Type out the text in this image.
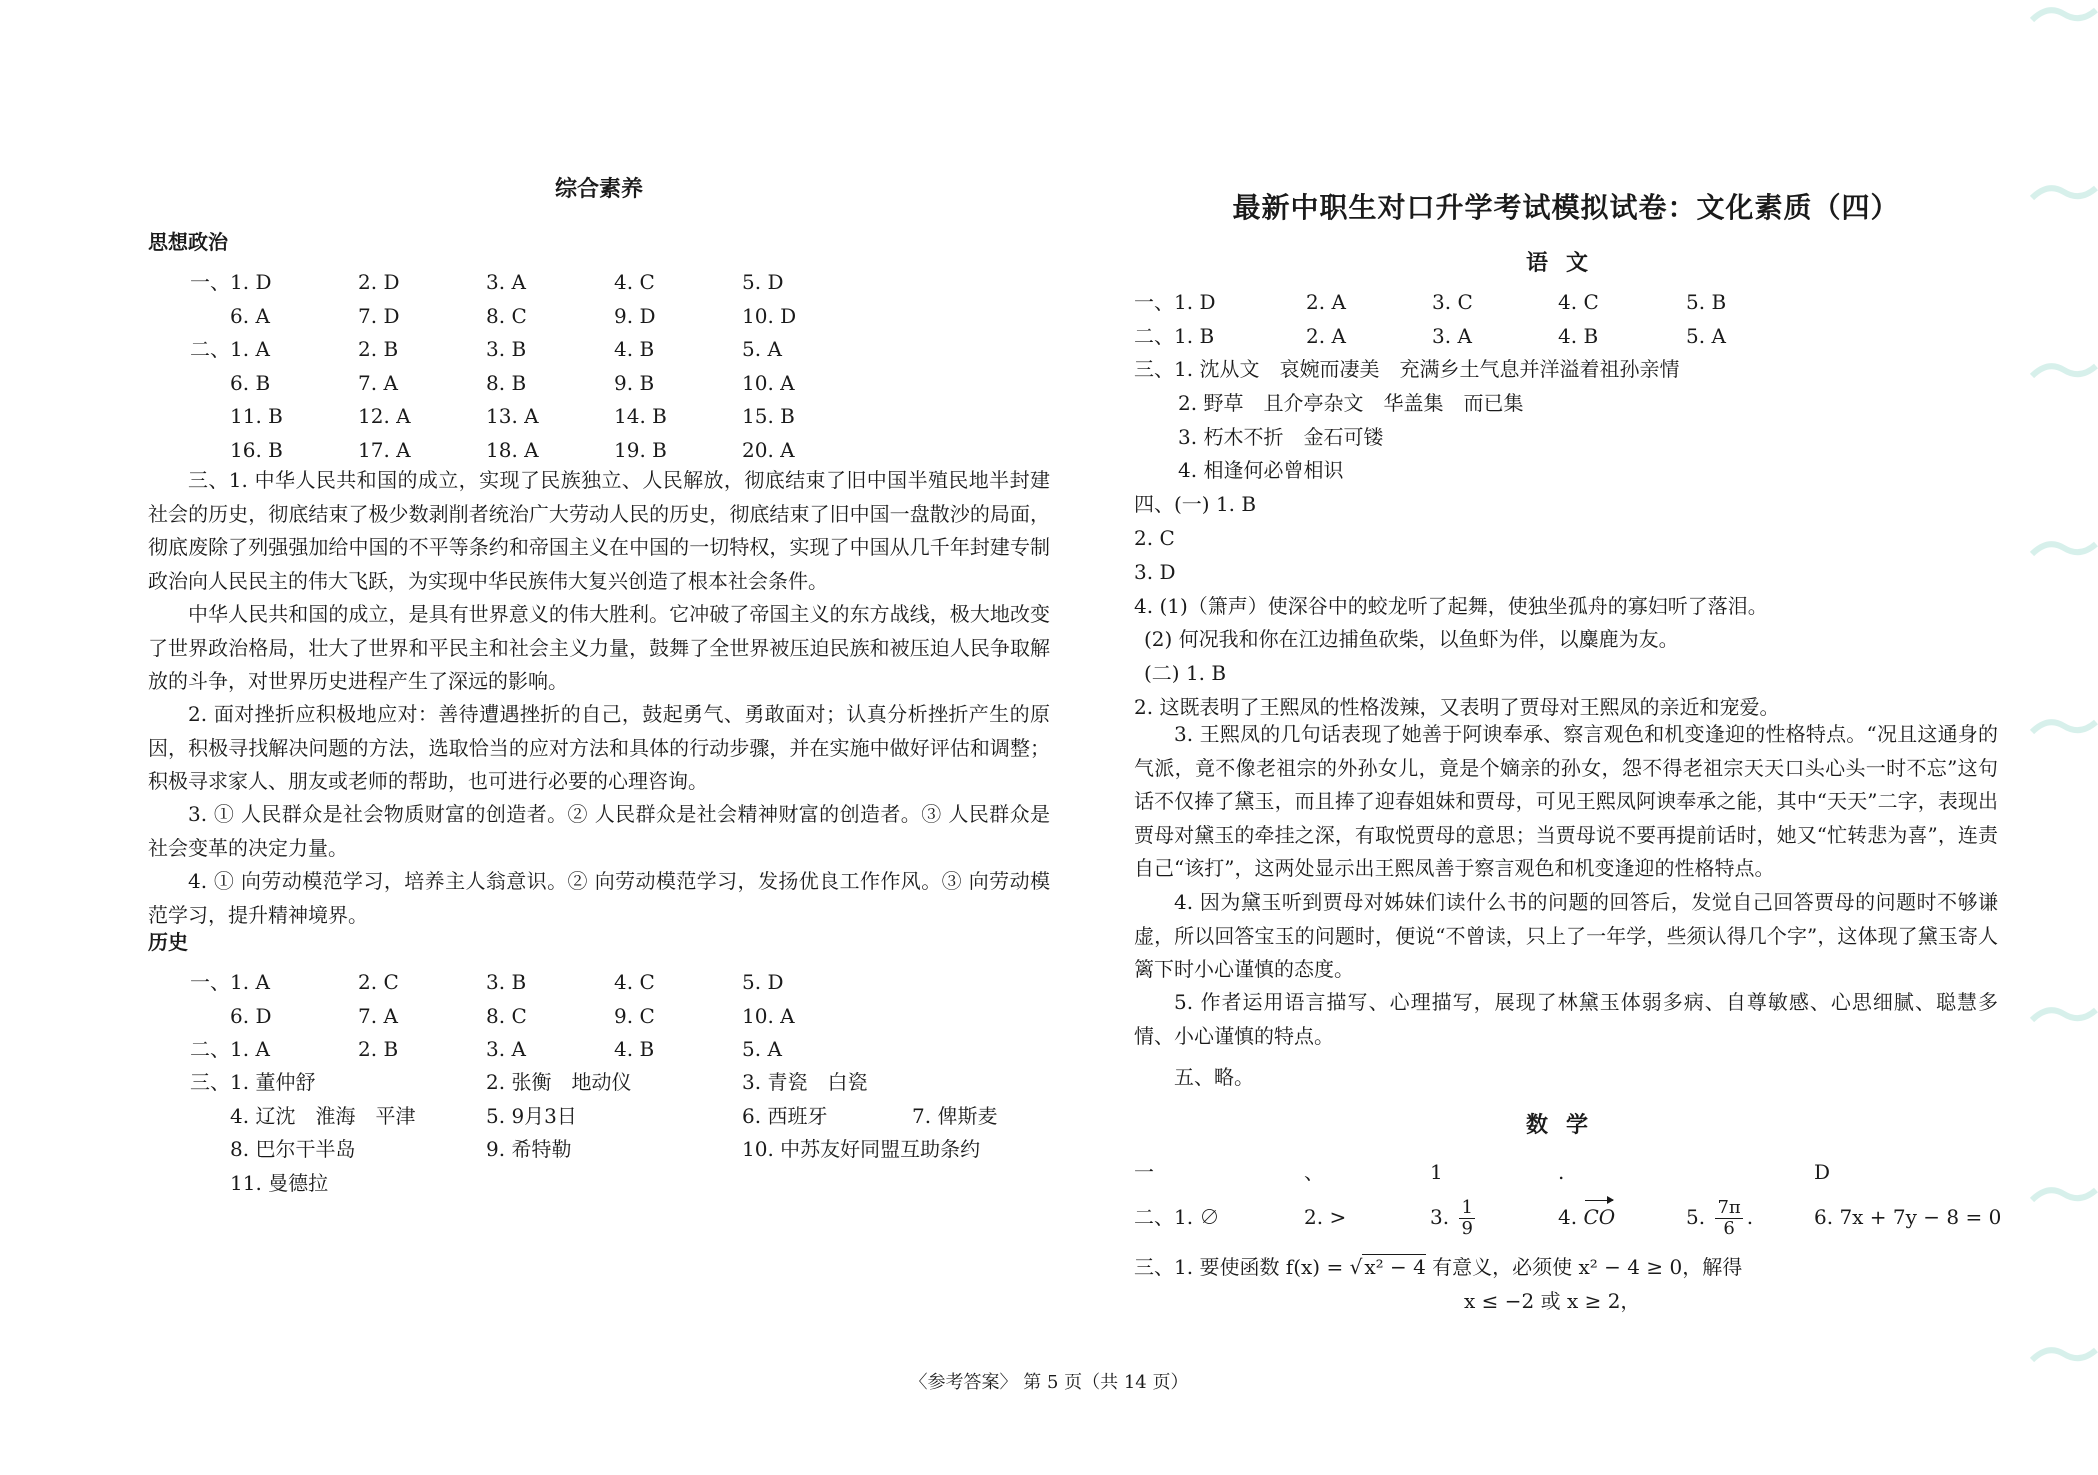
综合素养
思想政治
一、1. D	2. D	3. A	4. C	5. D
6. A	7. D	8. C	9. D	10. D
二、1. A	2. B	3. B	4. B	5. A
6. B	7. A	8. B	9. B	10. A
11. B	12. A	13. A	14. B	15. B
16. B	17. A	18. A	19. B	20. A

三、1. 中华人民共和国的成立，实现了民族独立、人民解放，彻底结束了旧中国半殖民地半封建社会的历史，彻底结束了极少数剥削者统治广大劳动人民的历史，彻底结束了旧中国一盘散沙的局面，彻底废除了列强强加给中国的不平等条约和帝国主义在中国的一切特权，实现了中国从几千年封建专制政治向人民民主的伟大飞跃，为实现中华民族伟大复兴创造了根本社会条件。

中华人民共和国的成立，是具有世界意义的伟大胜利。它冲破了帝国主义的东方战线，极大地改变了世界政治格局，壮大了世界和平民主和社会主义力量，鼓舞了全世界被压迫民族和被压迫人民争取解放的斗争，对世界历史进程产生了深远的影响。

2. 面对挫折应积极地应对：善待遭遇挫折的自己，鼓起勇气、勇敢面对；认真分析挫折产生的原因，积极寻找解决问题的方法，选取恰当的应对方法和具体的行动步骤，并在实施中做好评估和调整；积极寻求家人、朋友或老师的帮助，也可进行必要的心理咨询。

3. ① 人民群众是社会物质财富的创造者。② 人民群众是社会精神财富的创造者。③ 人民群众是社会变革的决定力量。

4. ① 向劳动模范学习，培养主人翁意识。② 向劳动模范学习，发扬优良工作作风。③ 向劳动模范学习，提升精神境界。

历史
一、1. A	2. C	3. B	4. C	5. D
6. D	7. A	8. C	9. C	10. A
二、1. A	2. B	3. A	4. B	5. A
三、1. 董仲舒	2. 张衡　地动仪	3. 青瓷　白瓷
4. 辽沈　淮海　平津	5. 9月3日	6. 西班牙	7. 俾斯麦
8. 巴尔干半岛	9. 希特勒	10. 中苏友好同盟互助条约
11. 曼德拉
最新中职生对口升学考试模拟试卷：文化素质（四）
语文
一、1. D	2. A	3. C	4. C	5. B
二、1. B	2. A	3. A	4. B	5. A
三、1. 沈从文　哀婉而凄美　充满乡土气息并洋溢着祖孙亲情
2. 野草　且介亭杂文　华盖集　而已集
3. 朽木不折　金石可镂
4. 相逢何必曾相识
四、(一) 1. B
2. C
3. D
4. (1)（箫声）使深谷中的蛟龙听了起舞，使独坐孤舟的寡妇听了落泪。
(2) 何况我和你在江边捕鱼砍柴，以鱼虾为伴，以麋鹿为友。
(二) 1. B
2. 这既表明了王熙凤的性格泼辣，又表明了贾母对王熙凤的亲近和宠爱。

3. 王熙凤的几句话表现了她善于阿谀奉承、察言观色和机变逢迎的性格特点。“况且这通身的气派，竟不像老祖宗的外孙女儿，竟是个嫡亲的孙女，怨不得老祖宗天天口头心头一时不忘”这句话不仅捧了黛玉，而且捧了迎春姐妹和贾母，可见王熙凤阿谀奉承之能，其中“天天”二字，表现出贾母对黛玉的牵挂之深，有取悦贾母的意思；当贾母说不要再提前话时，她又“忙转悲为喜”，连责自己“该打”，这两处显示出王熙凤善于察言观色和机变逢迎的性格特点。

4. 因为黛玉听到贾母对姊妹们读什么书的问题的回答后，发觉自己回答贾母的问题时不够谦虚，所以回答宝玉的问题时，便说“不曾读，只上了一年学，些须认得几个字”，这体现了黛玉寄人篱下时小心谨慎的态度。

5. 作者运用语言描写、心理描写，展现了林黛玉体弱多病、自尊敏感、心思细腻、聪慧多情、小心谨慎的特点。

五、略。
数学
一	、	1	.	D
二、1. ∅	2. >	3. $\frac{1}{9}$	4. CO	5. $\frac{7\pi}{6}$ .	6. 7x + 7y − 8 = 0
三、1. 要使函数 f(x) = √ x² − 4 有意义，必须使 x² − 4 ≥ 0，解得
x ≤ −2 或 x ≥ 2，
〈参考答案〉 第 5 页（共 14 页）
